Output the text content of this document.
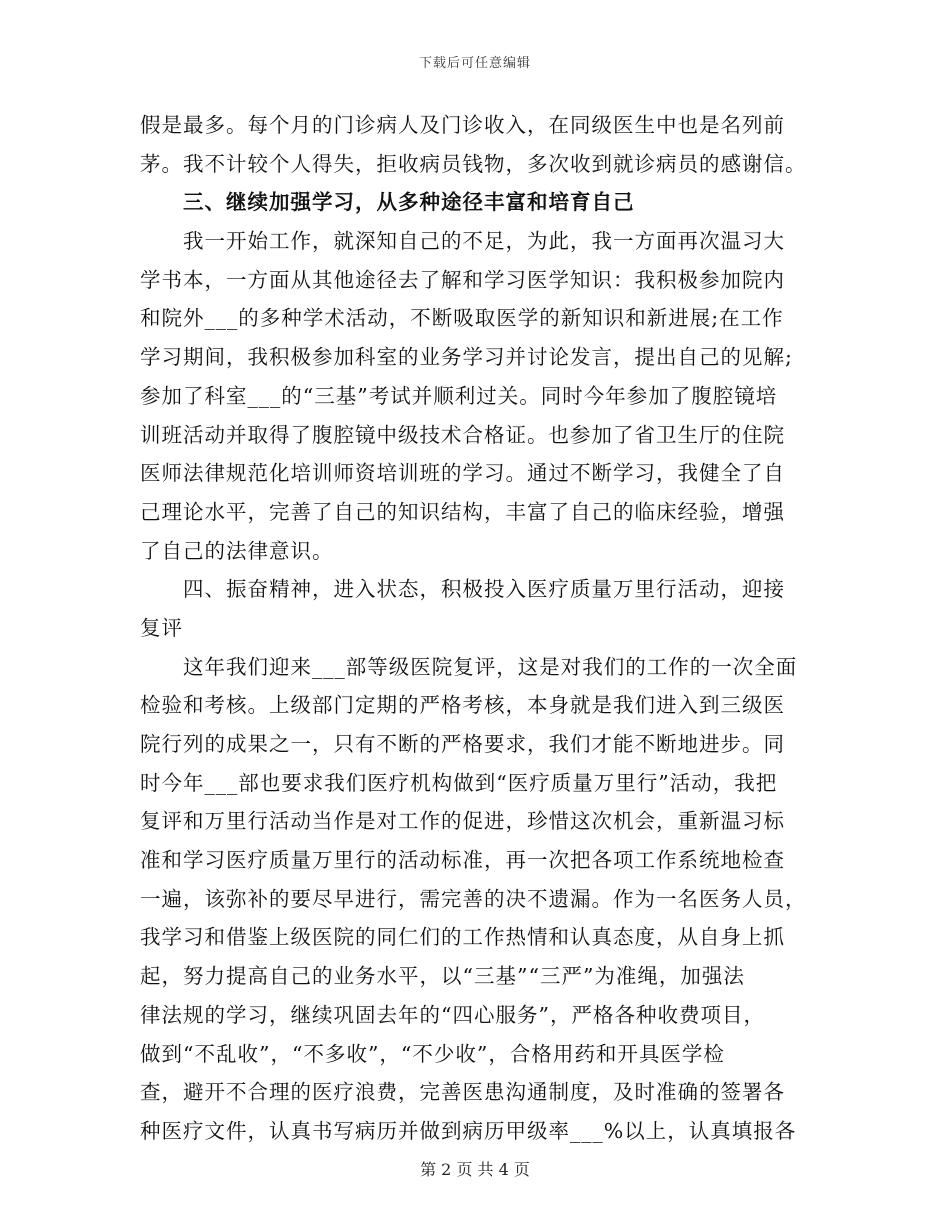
下载后可任意编辑
假是最多。每个月的门诊病人及门诊收入，在同级医生中也是名列前
茅。我不计较个人得失，拒收病员钱物，多次收到就诊病员的感谢信。
三、继续加强学习，从多种途径丰富和培育自己
我一开始工作，就深知自己的不足，为此，我一方面再次温习大
学书本，一方面从其他途径去了解和学习医学知识：我积极参加院内
和院外___的多种学术活动，不断吸取医学的新知识和新进展;在工作
学习期间，我积极参加科室的业务学习并讨论发言，提出自己的见解;
参加了科室___的“三基”考试并顺利过关。同时今年参加了腹腔镜培
训班活动并取得了腹腔镜中级技术合格证。也参加了省卫生厅的住院
医师法律规范化培训师资培训班的学习。通过不断学习，我健全了自
己理论水平，完善了自己的知识结构，丰富了自己的临床经验，增强
了自己的法律意识。
四、振奋精神，进入状态，积极投入医疗质量万里行活动，迎接
复评
这年我们迎来___部等级医院复评，这是对我们的工作的一次全面
检验和考核。上级部门定期的严格考核，本身就是我们进入到三级医
院行列的成果之一，只有不断的严格要求，我们才能不断地进步。同
时今年___部也要求我们医疗机构做到“医疗质量万里行”活动，我把
复评和万里行活动当作是对工作的促进，珍惜这次机会，重新温习标
准和学习医疗质量万里行的活动标准，再一次把各项工作系统地检查
一遍，该弥补的要尽早进行，需完善的决不遗漏。作为一名医务人员，
我学习和借鉴上级医院的同仁们的工作热情和认真态度，从自身上抓
起，努力提高自己的业务水平，以“三基”“三严”为准绳，加强法
律法规的学习，继续巩固去年的“四心服务”，严格各种收费项目，
做到“不乱收”，“不多收”，“不少收”，合格用药和开具医学检
查，避开不合理的医疗浪费，完善医患沟通制度，及时准确的签署各
种医疗文件，认真书写病历并做到病历甲级率___%以上，认真填报各
第 2 页 共 4 页
